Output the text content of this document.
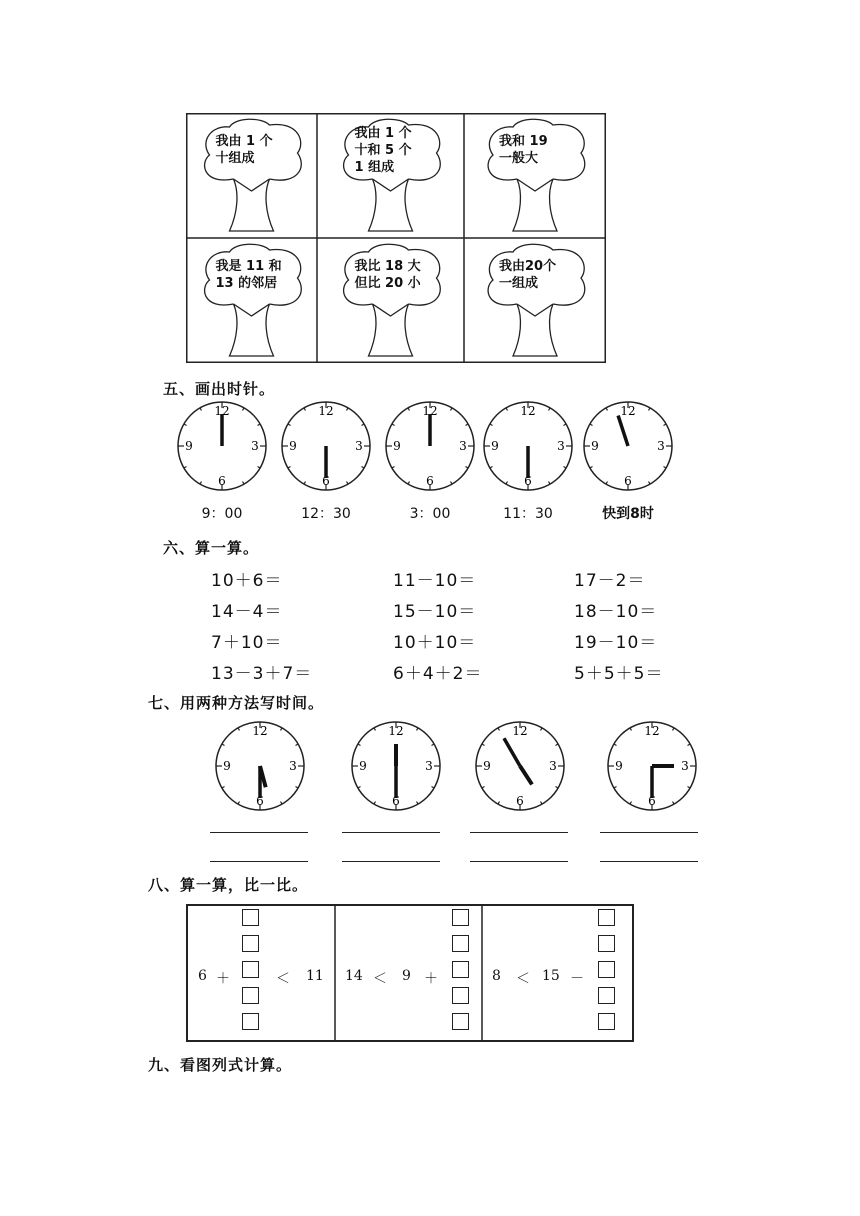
我由 1 个
十组成
我由 1 个
十和 5 个
1 组成
我和 19
一般大
我是 11 和
13 的邻居
我比 18 大
但比 20 小
我由20个
一组成
五、画出时针。
12
3
6
9
12
3
6
9
12
3
6
9
12
3
6
9
12
3
6
9
9：00	12：30	3：00	11：30	快到8时
六、算一算。
10＋6＝	11－10＝	17－2＝
14－4＝	15－10＝	18－10＝
7＋10＝	10＋10＝	19－10＝
13－3＋7＝	6＋4＋2＝	5＋5＋5＝
七、用两种方法写时间。
12
3
6
9
12
3
6
9
12
3
6
9
12
3
6
9
八、算一算，比一比。
6 ＋	＜ 11 14 ＜ 9 ＋	8 ＜ 15 －
九、看图列式计算。
